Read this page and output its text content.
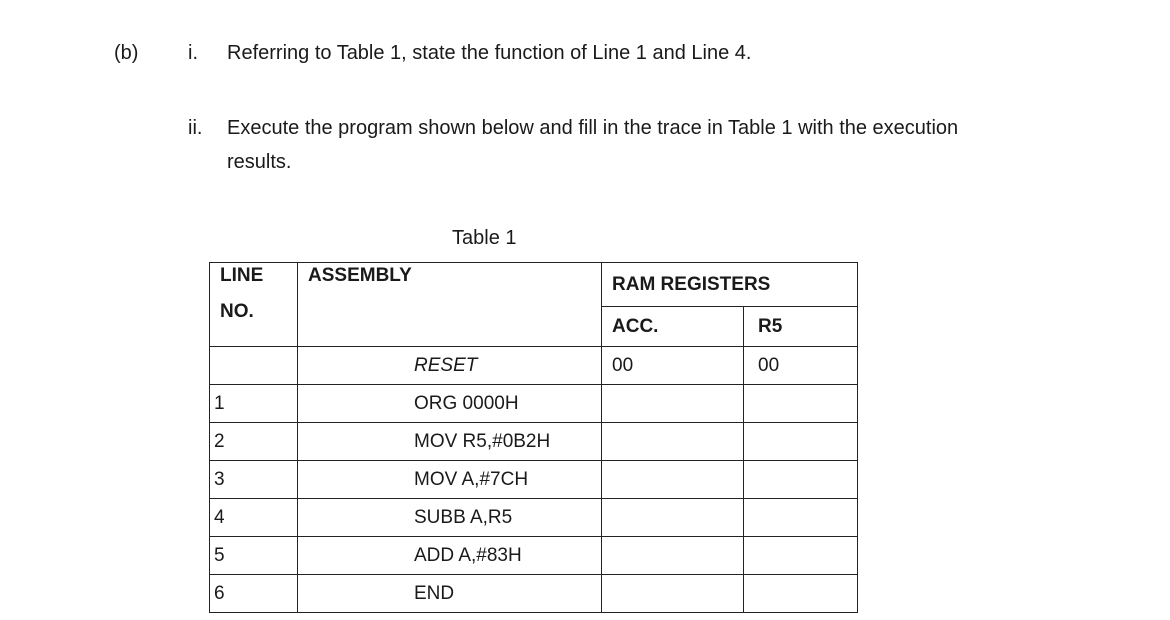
(b) i. Referring to Table 1, state the function of Line 1 and Line 4.
ii. Execute the program shown below and fill in the trace in Table 1 with the execution
results.
Table 1
LINE
NO.	ASSEMBLY	RAM REGISTERS	
		ACC.	R5
	RESET	00	00
1	ORG 0000H		
2	MOV R5,#0B2H		
3	MOV A,#7CH		
4	SUBB A,R5		
5	ADD A,#83H		
6	END		
